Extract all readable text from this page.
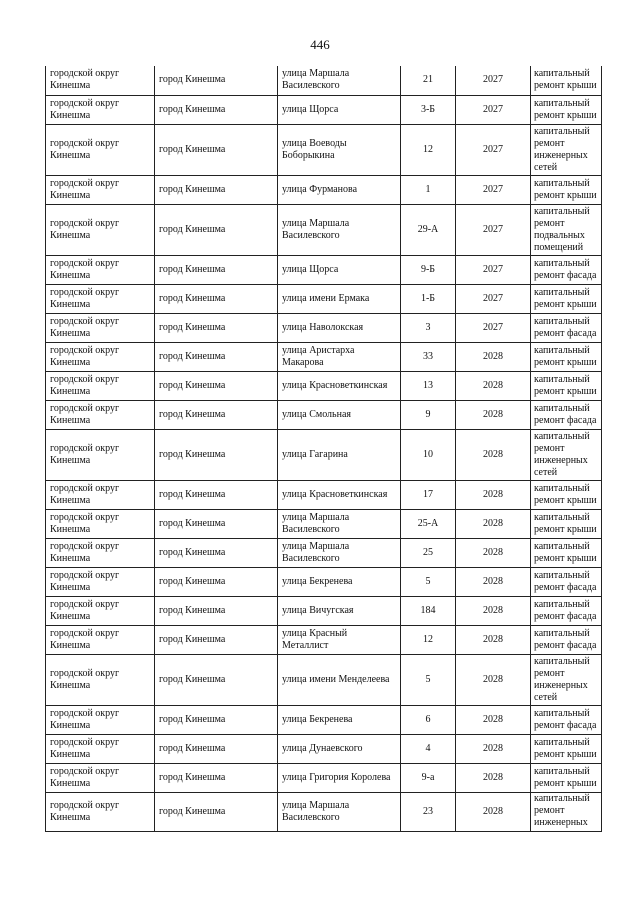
446
городской округ Кинешма	город Кинешма	улица Маршала Василевского	21	2027	капитальный ремонт крыши
городской округ Кинешма	город Кинешма	улица Щорса	3-Б	2027	капитальный ремонт крыши
городской округ Кинешма	город Кинешма	улица Воеводы Боборыкина	12	2027	капитальный ремонт инженерных сетей
городской округ Кинешма	город Кинешма	улица Фурманова	1	2027	капитальный ремонт крыши
городской округ Кинешма	город Кинешма	улица Маршала Василевского	29-А	2027	капитальный ремонт подвальных помещений
городской округ Кинешма	город Кинешма	улица Щорса	9-Б	2027	капитальный ремонт фасада
городской округ Кинешма	город Кинешма	улица имени Ермака	1-Б	2027	капитальный ремонт крыши
городской округ Кинешма	город Кинешма	улица Наволокская	3	2027	капитальный ремонт фасада
городской округ Кинешма	город Кинешма	улица Аристарха Макарова	33	2028	капитальный ремонт крыши
городской округ Кинешма	город Кинешма	улица Красноветкинская	13	2028	капитальный ремонт крыши
городской округ Кинешма	город Кинешма	улица Смольная	9	2028	капитальный ремонт фасада
городской округ Кинешма	город Кинешма	улица Гагарина	10	2028	капитальный ремонт инженерных сетей
городской округ Кинешма	город Кинешма	улица Красноветкинская	17	2028	капитальный ремонт крыши
городской округ Кинешма	город Кинешма	улица Маршала Василевского	25-А	2028	капитальный ремонт крыши
городской округ Кинешма	город Кинешма	улица Маршала Василевского	25	2028	капитальный ремонт крыши
городской округ Кинешма	город Кинешма	улица Бекренева	5	2028	капитальный ремонт фасада
городской округ Кинешма	город Кинешма	улица Вичугская	184	2028	капитальный ремонт фасада
городской округ Кинешма	город Кинешма	улица Красный Металлист	12	2028	капитальный ремонт фасада
городской округ Кинешма	город Кинешма	улица имени Менделеева	5	2028	капитальный ремонт инженерных сетей
городской округ Кинешма	город Кинешма	улица Бекренева	6	2028	капитальный ремонт фасада
городской округ Кинешма	город Кинешма	улица Дунаевского	4	2028	капитальный ремонт крыши
городской округ Кинешма	город Кинешма	улица Григория Королева	9-а	2028	капитальный ремонт крыши
городской округ Кинешма	город Кинешма	улица Маршала Василевского	23	2028	капитальный ремонт инженерных
